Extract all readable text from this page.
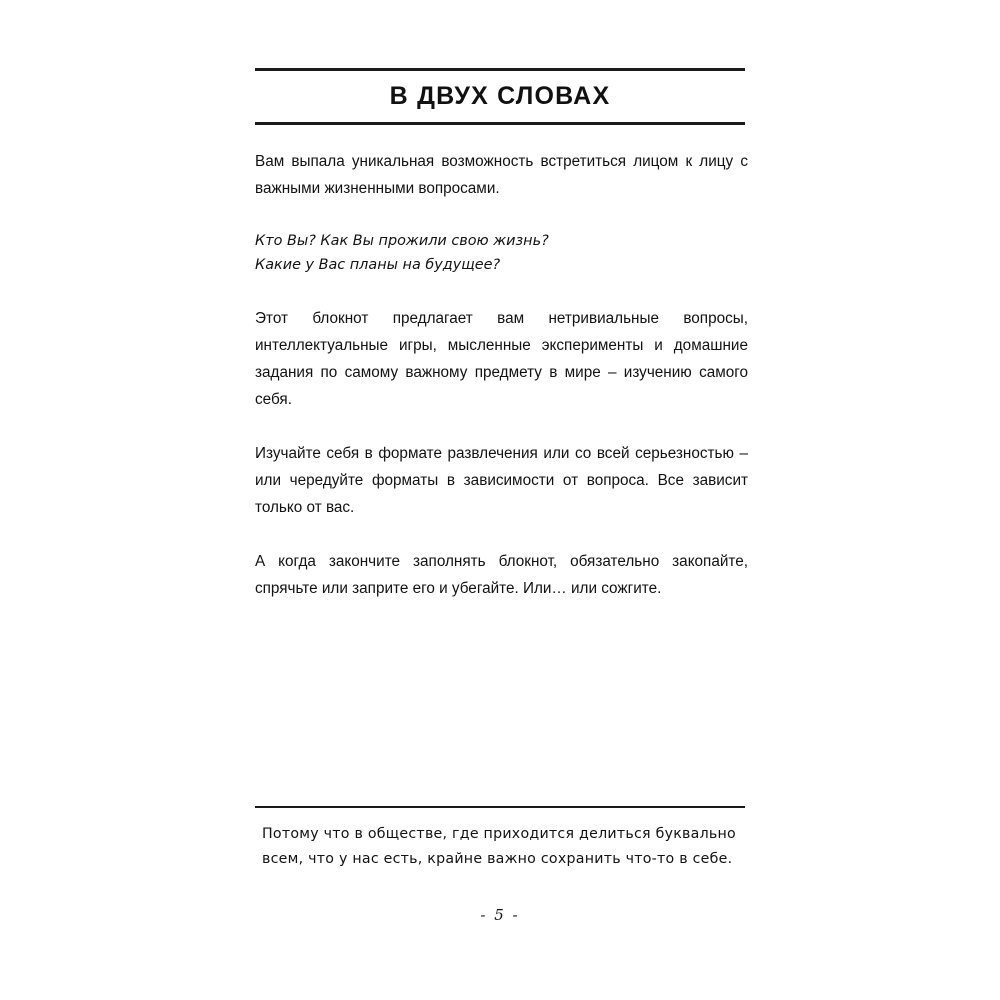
В ДВУХ СЛОВАХ

Вам выпала уникальная возможность встретиться лицом к лицу с важными жизненными вопросами.

Кто Вы? Как Вы прожили свою жизнь?
Какие у Вас планы на будущее?

Этот блокнот предлагает вам нетривиальные вопросы, интеллектуальные игры, мысленные эксперименты и домашние задания по самому важному предмету в мире – изучению самого себя.

Изучайте себя в формате развлечения или со всей серьезностью – или чередуйте форматы в зависимости от вопроса. Все зависит только от вас.

А когда закончите заполнять блокнот, обязательно закопайте, спрячьте или заприте его и убегайте. Или… или сожгите.

Потому что в обществе, где приходится делиться буквально
всем, что у нас есть, крайне важно сохранить что-то в себе.

- 5 -
